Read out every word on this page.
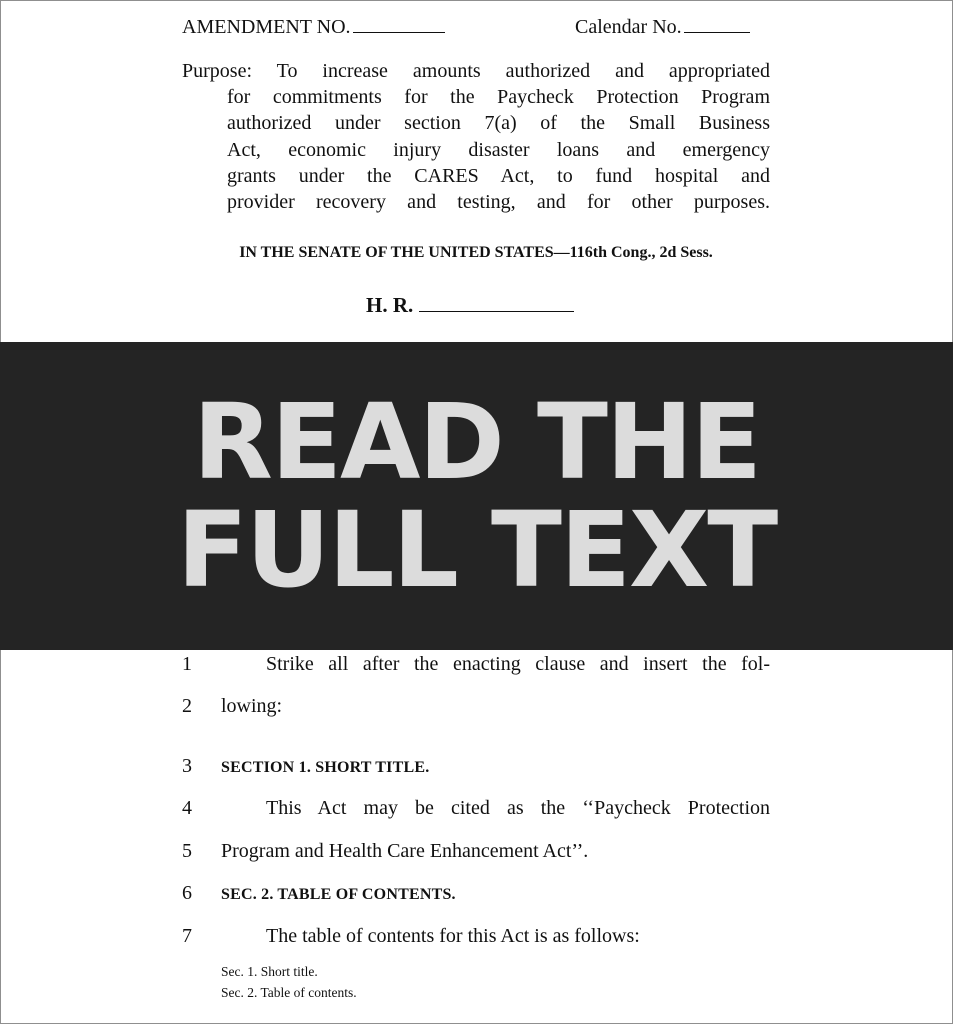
AMENDMENT NO.	Calendar No.
Purpose: To increase amounts authorized and appropriated
for commitments for the Paycheck Protection Program
authorized under section 7(a) of the Small Business
Act, economic injury disaster loans and emergency
grants under the CARES Act, to fund hospital and
provider recovery and testing, and for other purposes.
IN THE SENATE OF THE UNITED STATES—116th Cong., 2d Sess.
H. R.
READ THE
FULL TEXT
1	Strike all after the enacting clause and insert the fol-
2	lowing:
3	SECTION 1. SHORT TITLE.
4	This Act may be cited as the ‘‘Paycheck Protection
5	Program and Health Care Enhancement Act’’.
6	SEC. 2. TABLE OF CONTENTS.
7	The table of contents for this Act is as follows:
Sec. 1. Short title.
Sec. 2. Table of contents.
